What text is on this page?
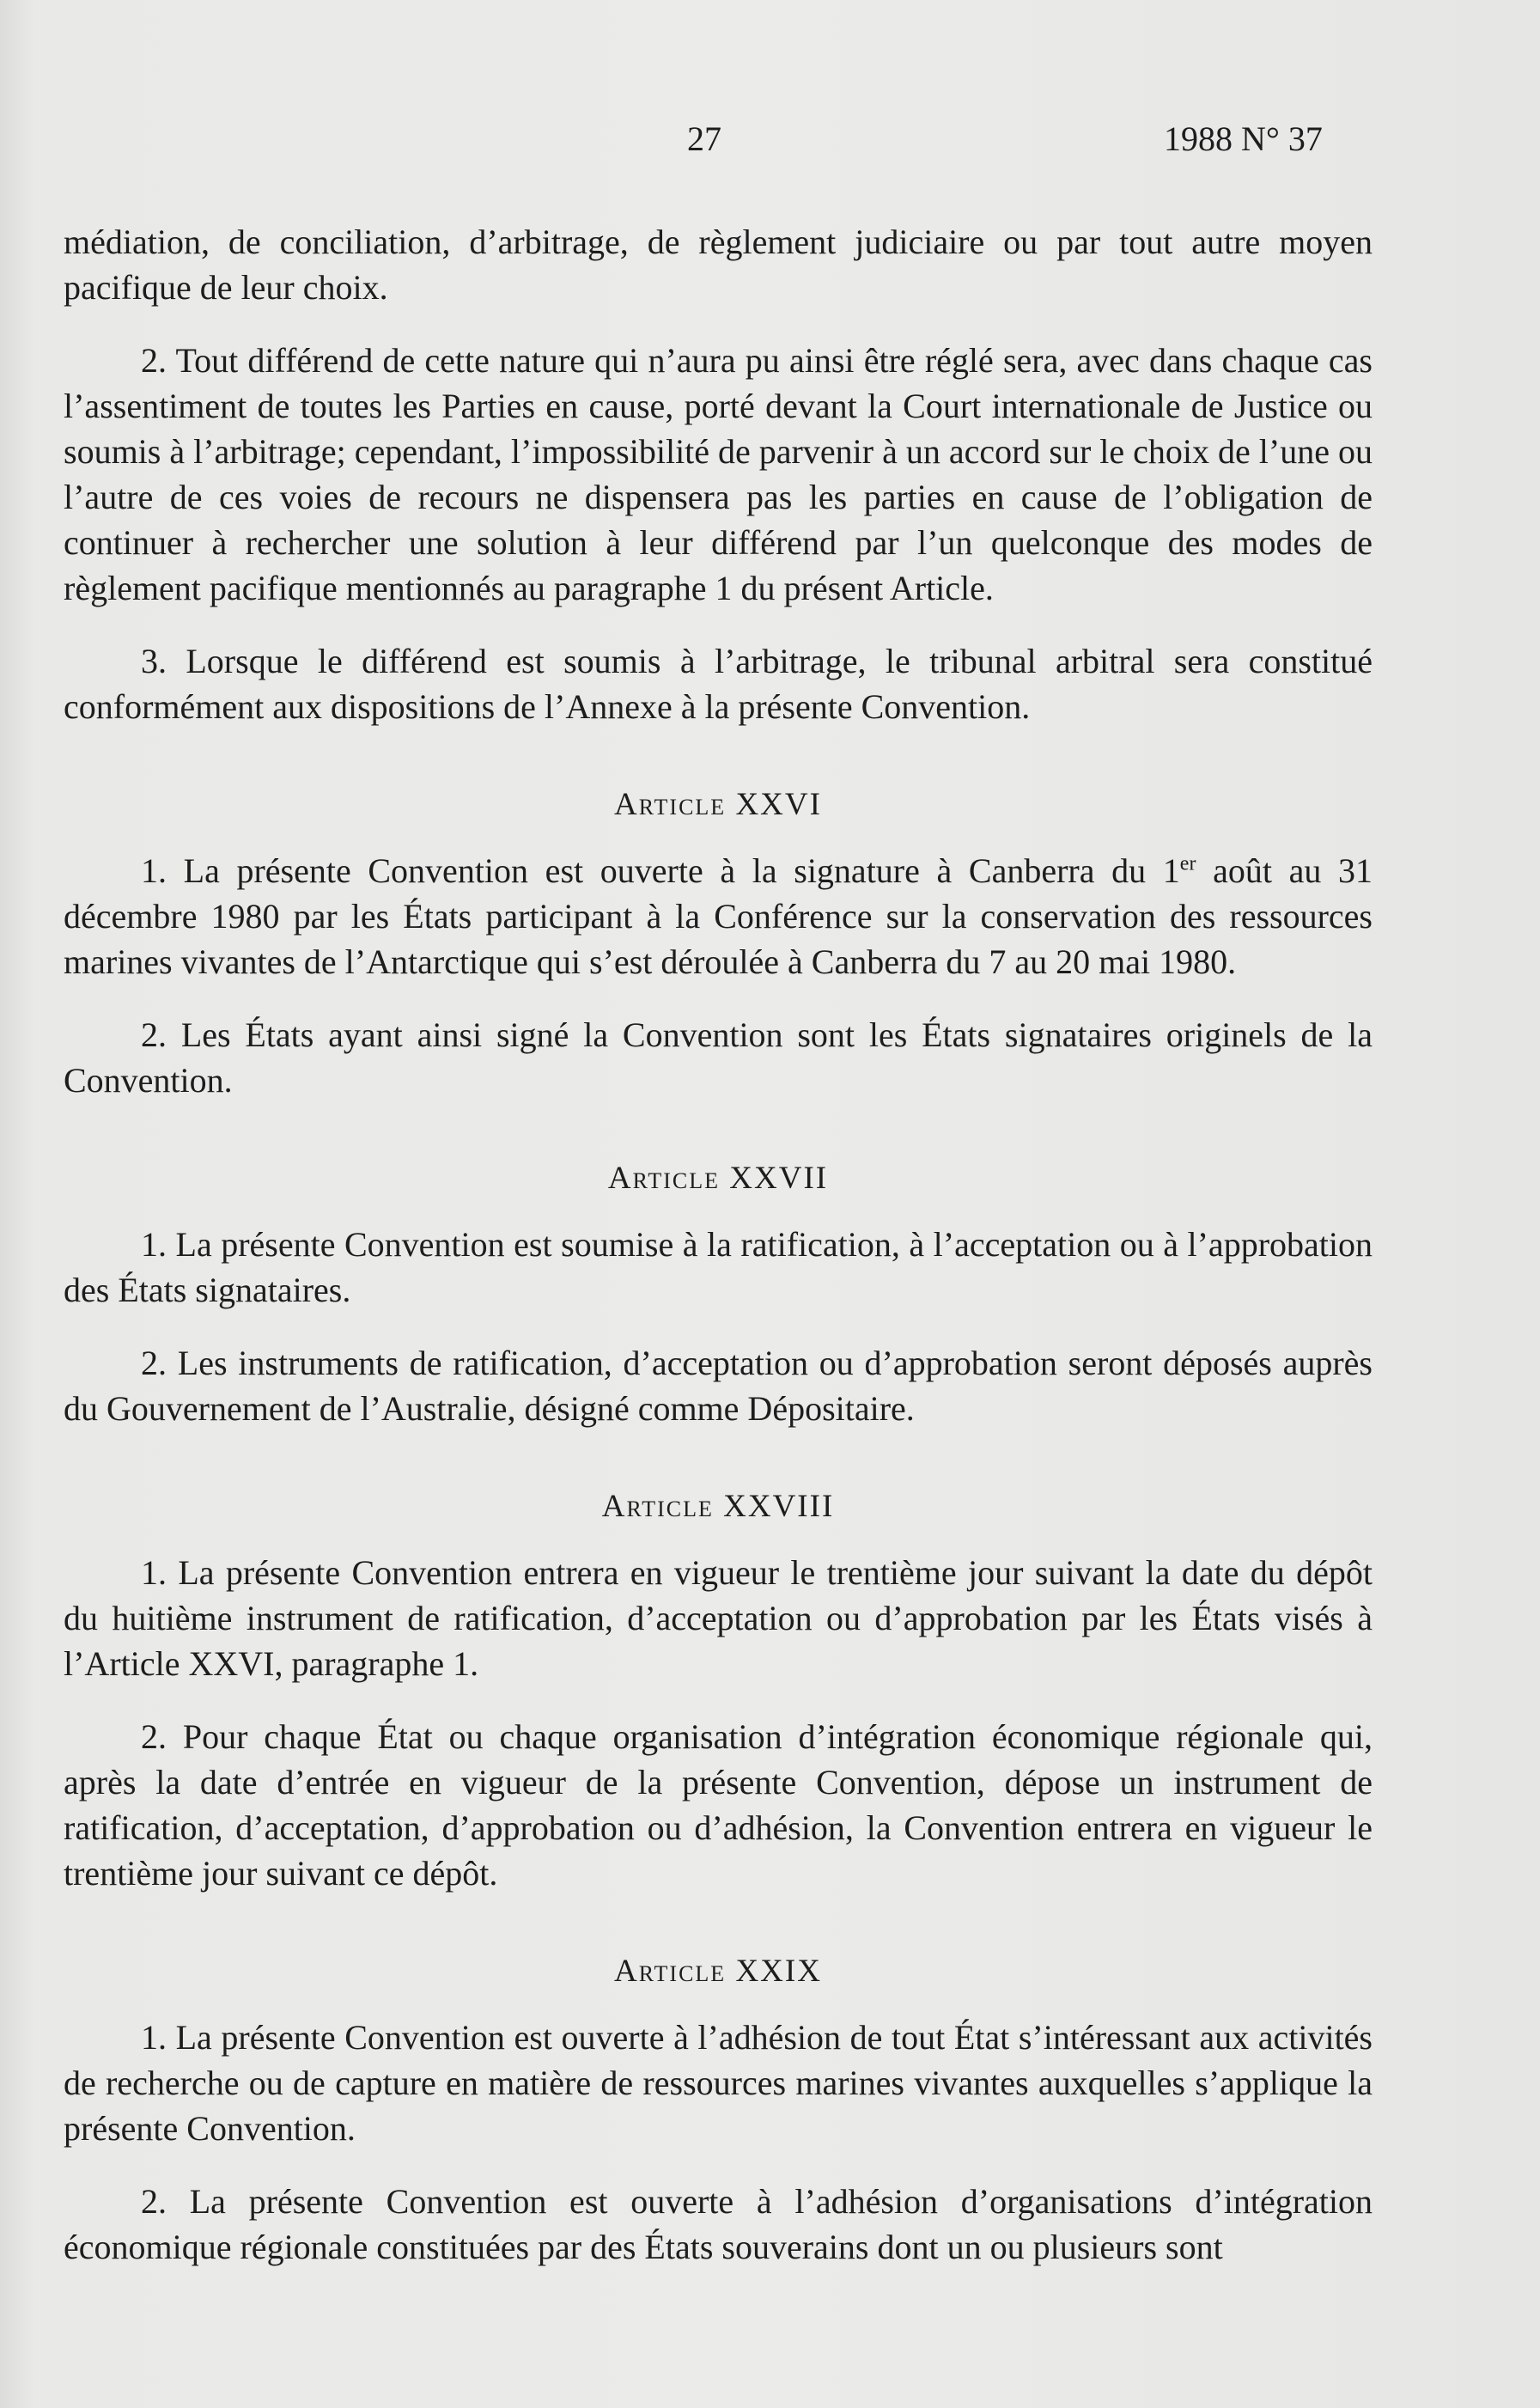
27	1988 N° 37

médiation, de conciliation, d’arbitrage, de règlement judiciaire ou par tout autre moyen pacifique de leur choix.

2. Tout différend de cette nature qui n’aura pu ainsi être réglé sera, avec dans chaque cas l’assentiment de toutes les Parties en cause, porté devant la Court internationale de Justice ou soumis à l’arbitrage; cependant, l’impossibilité de parvenir à un accord sur le choix de l’une ou l’autre de ces voies de recours ne dispensera pas les parties en cause de l’obligation de continuer à rechercher une solution à leur différend par l’un quelconque des modes de règlement pacifique mentionnés au paragraphe 1 du présent Article.

3. Lorsque le différend est soumis à l’arbitrage, le tribunal arbitral sera constitué conformément aux dispositions de l’Annexe à la présente Convention.

Article XXVI

1. La présente Convention est ouverte à la signature à Canberra du 1er août au 31 décembre 1980 par les États participant à la Conférence sur la conservation des ressources marines vivantes de l’Antarctique qui s’est déroulée à Canberra du 7 au 20 mai 1980.

2. Les États ayant ainsi signé la Convention sont les États signataires originels de la Convention.

Article XXVII

1. La présente Convention est soumise à la ratification, à l’acceptation ou à l’approbation des États signataires.

2. Les instruments de ratification, d’acceptation ou d’approbation seront déposés auprès du Gouvernement de l’Australie, désigné comme Dépositaire.

Article XXVIII

1. La présente Convention entrera en vigueur le trentième jour suivant la date du dépôt du huitième instrument de ratification, d’acceptation ou d’approbation par les États visés à l’Article XXVI, paragraphe 1.

2. Pour chaque État ou chaque organisation d’intégration économique régionale qui, après la date d’entrée en vigueur de la présente Convention, dépose un instrument de ratification, d’acceptation, d’approbation ou d’adhésion, la Convention entrera en vigueur le trentième jour suivant ce dépôt.

Article XXIX

1. La présente Convention est ouverte à l’adhésion de tout État s’intéressant aux activités de recherche ou de capture en matière de ressources marines vivantes auxquelles s’applique la présente Convention.

2. La présente Convention est ouverte à l’adhésion d’organisations d’intégration économique régionale constituées par des États souverains dont un ou plusieurs sont
